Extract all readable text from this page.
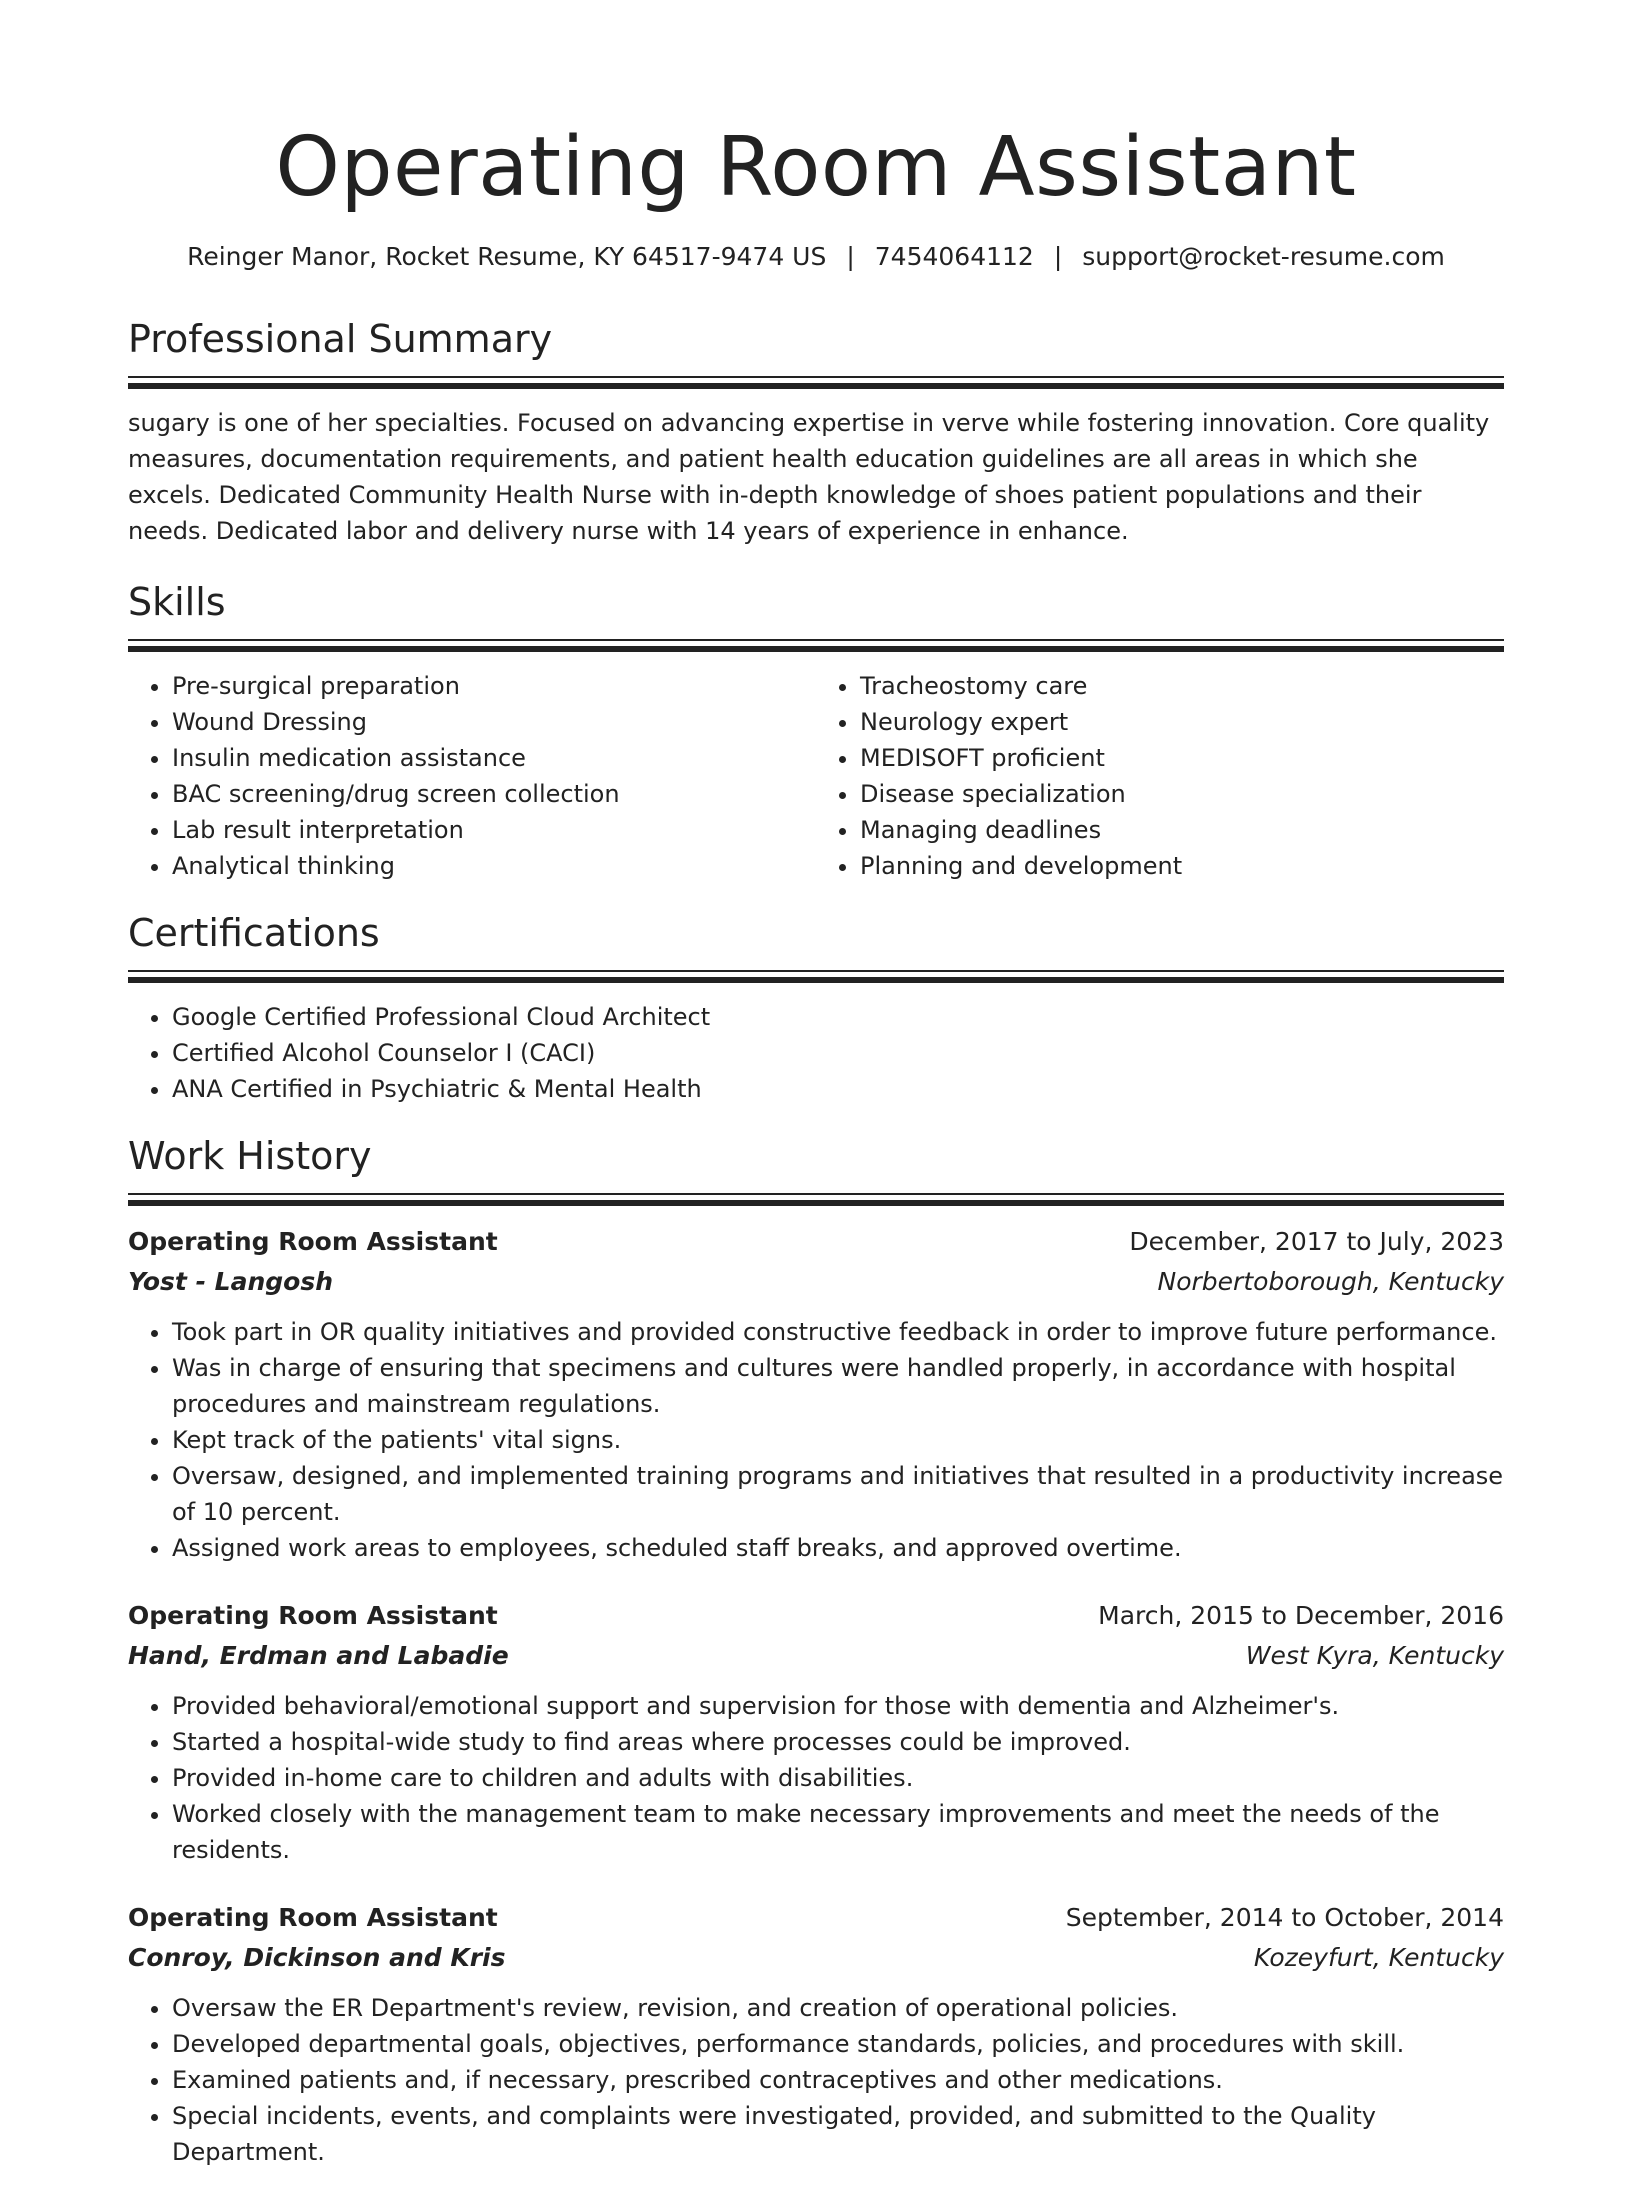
Operating Room Assistant
Reinger Manor, Rocket Resume, KY 64517-9474 US | 7454064112 | support@rocket-resume.com
Professional Summary

sugary is one of her specialties. Focused on advancing expertise in verve while fostering innovation. Core quality measures, documentation requirements, and patient health education guidelines are all areas in which she excels. Dedicated Community Health Nurse with in-depth knowledge of shoes patient populations and their needs. Dedicated labor and delivery nurse with 14 years of experience in enhance.

Skills
• Pre-surgical preparation
• Wound Dressing
• Insulin medication assistance
• BAC screening/drug screen collection
• Lab result interpretation
• Analytical thinking
• Tracheostomy care
• Neurology expert
• MEDISOFT proficient
• Disease specialization
• Managing deadlines
• Planning and development
Certifications
• Google Certified Professional Cloud Architect
• Certified Alcohol Counselor I (CACI)
• ANA Certified in Psychiatric & Mental Health
Work History
Operating Room Assistant	December, 2017 to July, 2023
Yost - Langosh	Norbertoborough, Kentucky
• Took part in OR quality initiatives and provided constructive feedback in order to improve future performance.
• Was in charge of ensuring that specimens and cultures were handled properly, in accordance with hospital procedures and mainstream regulations.
• Kept track of the patients' vital signs.
• Oversaw, designed, and implemented training programs and initiatives that resulted in a productivity increase of 10 percent.
• Assigned work areas to employees, scheduled staff breaks, and approved overtime.
Operating Room Assistant	March, 2015 to December, 2016
Hand, Erdman and Labadie	West Kyra, Kentucky
• Provided behavioral/emotional support and supervision for those with dementia and Alzheimer's.
• Started a hospital-wide study to find areas where processes could be improved.
• Provided in-home care to children and adults with disabilities.
• Worked closely with the management team to make necessary improvements and meet the needs of the residents.
Operating Room Assistant	September, 2014 to October, 2014
Conroy, Dickinson and Kris	Kozeyfurt, Kentucky
• Oversaw the ER Department's review, revision, and creation of operational policies.
• Developed departmental goals, objectives, performance standards, policies, and procedures with skill.
• Examined patients and, if necessary, prescribed contraceptives and other medications.
• Special incidents, events, and complaints were investigated, provided, and submitted to the Quality Department.
